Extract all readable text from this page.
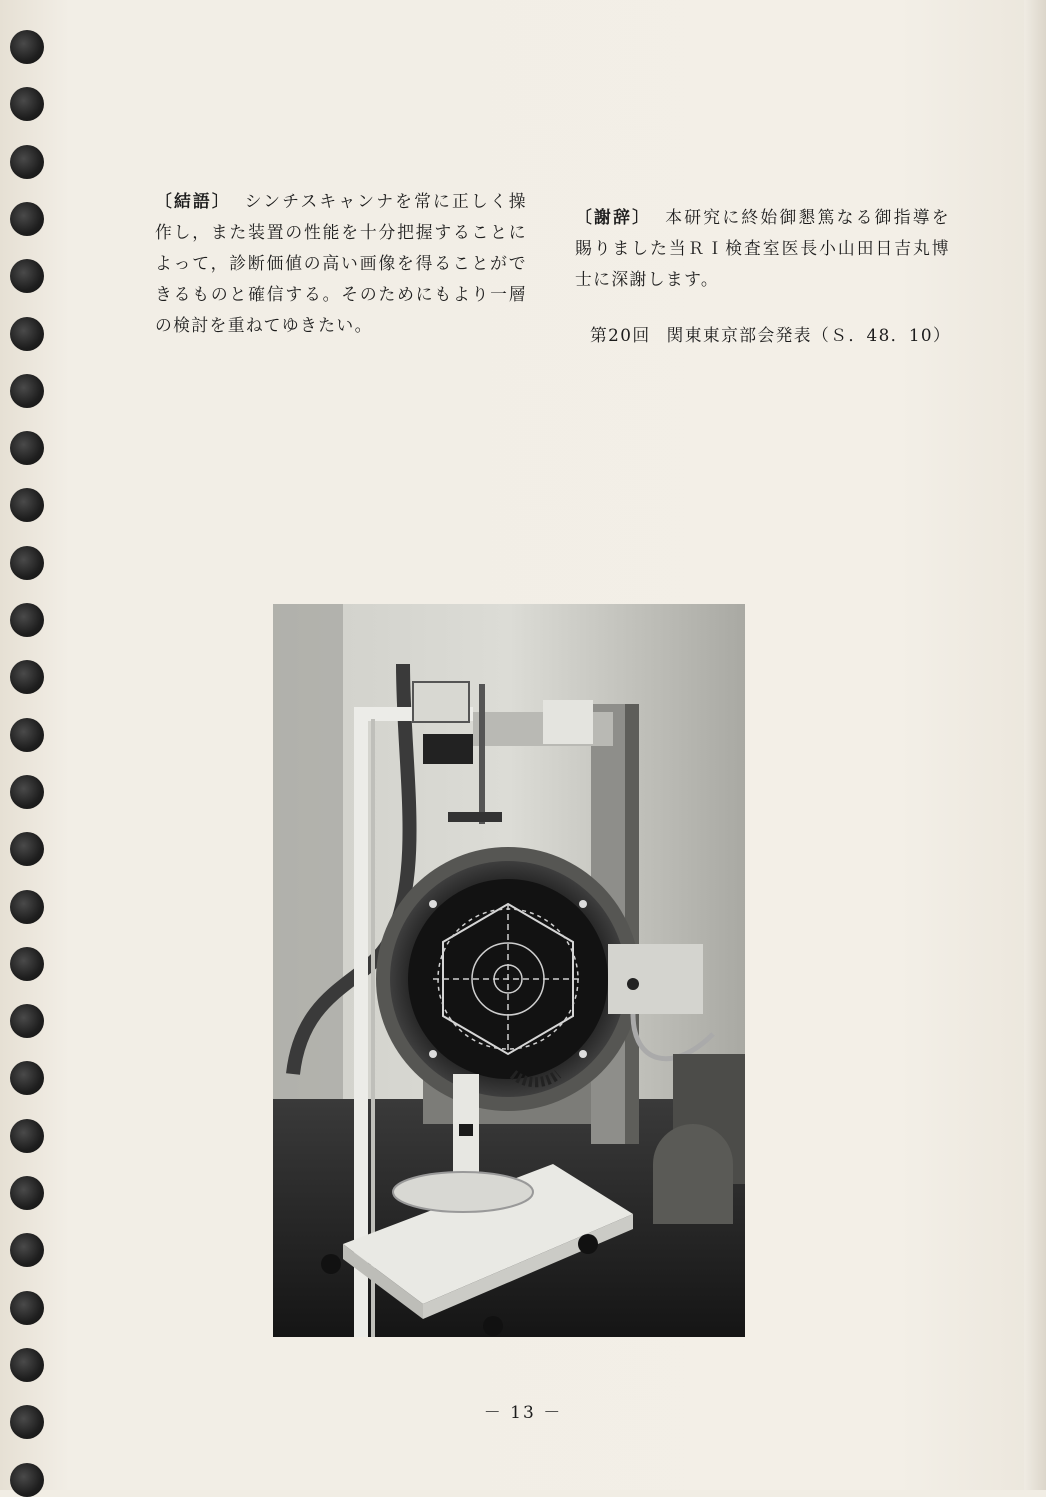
〔結語〕 シンチスキャンナを常に正しく操作し，また装置の性能を十分把握することによって，診断価値の高い画像を得ることができるものと確信する。そのためにもより一層の検討を重ねてゆきたい。

〔謝辞〕 本研究に終始御懇篤なる御指導を賜りました当ＲＩ検査室医長小山田日吉丸博士に深謝します。

第20回 関東東京部会発表（Ｓ．48．10）
－ 13 －
